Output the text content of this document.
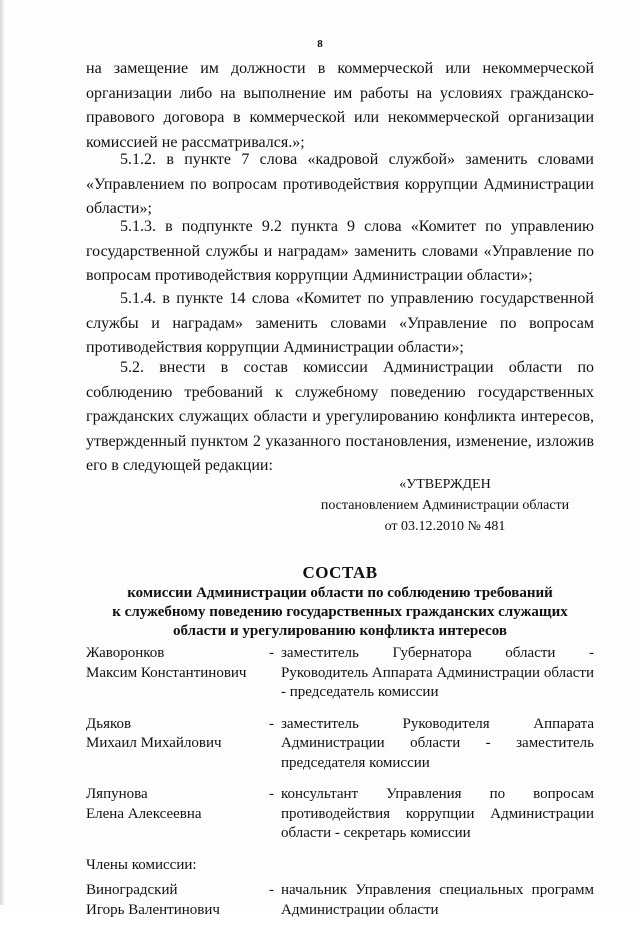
8

на замещение им должности в коммерческой или некоммерческой организации либо на выполнение им работы на условиях гражданско-правового договора в коммерческой или некоммерческой организации комиссией не рассматривался.»;

5.1.2. в пункте 7 слова «кадровой службой» заменить словами «Управлением по вопросам противодействия коррупции Администрации области»;

5.1.3. в подпункте 9.2 пункта 9 слова «Комитет по управлению государственной службы и наградам» заменить словами «Управление по вопросам противодействия коррупции Администрации области»;

5.1.4. в пункте 14 слова «Комитет по управлению государственной службы и наградам» заменить словами «Управление по вопросам противодействия коррупции Администрации области»;

5.2. внести в состав комиссии Администрации области по соблюдению требований к служебному поведению государственных гражданских служащих области и урегулированию конфликта интересов, утвержденный пунктом 2 указанного постановления, изменение, изложив его в следующей редакции:

«УТВЕРЖДЕН
постановлением Администрации области
от 03.12.2010 № 481
СОСТАВ
комиссии Администрации области по соблюдению требований
к служебному поведению государственных гражданских служащих
области и урегулированию конфликта интересов
Жаворонков
Максим Константинович
- заместитель Губернатора области - Руководитель Аппарата Администрации области - председатель комиссии
Дьяков
Михаил Михайлович
- заместитель Руководителя Аппарата Администрации области - заместитель председателя комиссии
Ляпунова
Елена Алексеевна
- консультант Управления по вопросам противодействия коррупции Администрации области - секретарь комиссии
Члены комиссии:
Виноградский
Игорь Валентинович
- начальник Управления специальных программ Администрации области
